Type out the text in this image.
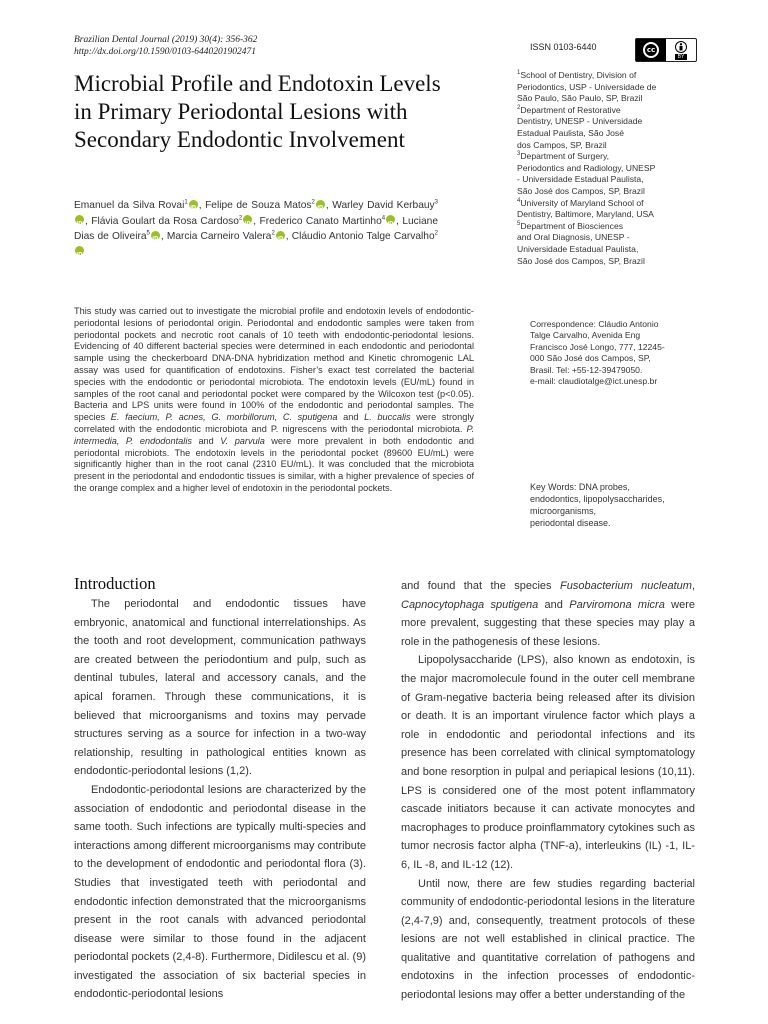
Brazilian Dental Journal (2019) 30(4): 356-362
http://dx.doi.org/10.1590/0103-6440201902471	ISSN 0103-6440	cc
BY
Microbial Profile and Endotoxin Levels
in Primary Periodontal Lesions with
Secondary Endodontic Involvement
$^1$School of Dentistry, Division of
Periodontics, USP - Universidade de
São Paulo, São Paulo, SP, Brazil
$^2$Department of Restorative
Dentistry, UNESP - Universidade
Estadual Paulista, São José
dos Campos, SP, Brazil
$^3$Department of Surgery,
Periodontics and Radiology, UNESP
- Universidade Estadual Paulista,
São José dos Campos, SP, Brazil
$^4$University of Maryland School of
Dentistry, Baltimore, Maryland, USA
$^5$Department of Biosciences
and Oral Diagnosis, UNESP -
Universidade Estadual Paulista,
São José dos Campos, SP, Brazil
Emanuel da Silva Rovai$^1$ iD , Felipe de Souza Matos$^2$ iD , Warley David Kerbauy$^3$iD, Flávia Goulart da Rosa Cardoso$^2$ iD , Frederico Canato Martinho$^4$ iD , Luciane Dias de Oliveira$^5$ iD , Marcia Carneiro Valera$^2$ iD , Cláudio Antonio Talge Carvalho$^2$iD
This study was carried out to investigate the microbial profile and endotoxin levels of endodontic-periodontal lesions of periodontal origin. Periodontal and endodontic samples were taken from periodontal pockets and necrotic root canals of 10 teeth with endodontic-periodontal lesions. Evidencing of 40 different bacterial species were determined in each endodontic and periodontal sample using the checkerboard DNA-DNA hybridization method and Kinetic chromogenic LAL assay was used for quantification of endotoxins. Fisher’s exact test correlated the bacterial species with the endodontic or periodontal microbiota. The endotoxin levels (EU/mL) found in samples of the root canal and periodontal pocket were compared by the Wilcoxon test (p<0.05). Bacteria and LPS units were found in 100% of the endodontic and periodontal samples. The species E. faecium, P. acnes, G. morbillorum, C. sputigena and L. buccalis were strongly correlated with the endodontic microbiota and P. nigrescens with the periodontal microbiota. P. intermedia, P. endodontalis and V. parvula were more prevalent in both endodontic and periodontal microbiots. The endotoxin levels in the periodontal pocket (89600 EU/mL) were significantly higher than in the root canal (2310 EU/mL). It was concluded that the microbiota present in the periodontal and endodontic tissues is similar, with a higher prevalence of species of the orange complex and a higher level of endotoxin in the periodontal pockets.
Correspondence: Cláudio Antonio
Talge Carvalho, Avenida Eng
Francisco José Longo, 777, 12245-
000 São José dos Campos, SP,
Brasil. Tel: +55-12-39479050.
e-mail: claudiotalge@ict.unesp.br
Key Words: DNA probes,
endodontics, lipopolysaccharides,
microorganisms,
periodontal disease.
Introduction

The periodontal and endodontic tissues have embryonic, anatomical and functional interrelationships. As the tooth and root development, communication pathways are created between the periodontium and pulp, such as dentinal tubules, lateral and accessory canals, and the apical foramen. Through these communications, it is believed that microorganisms and toxins may pervade structures serving as a source for infection in a two-way relationship, resulting in pathological entities known as endodontic-periodontal lesions (1,2).

Endodontic-periodontal lesions are characterized by the association of endodontic and periodontal disease in the same tooth. Such infections are typically multi-species and interactions among different microorganisms may contribute to the development of endodontic and periodontal flora (3). Studies that investigated teeth with periodontal and endodontic infection demonstrated that the microorganisms present in the root canals with advanced periodontal disease were similar to those found in the adjacent periodontal pockets (2,4-8). Furthermore, Didilescu et al. (9) investigated the association of six bacterial species in endodontic-periodontal lesions

and found that the species Fusobacterium nucleatum, Capnocytophaga sputigena and Parviromona micra were more prevalent, suggesting that these species may play a role in the pathogenesis of these lesions.

Lipopolysaccharide (LPS), also known as endotoxin, is the major macromolecule found in the outer cell membrane of Gram-negative bacteria being released after its division or death. It is an important virulence factor which plays a role in endodontic and periodontal infections and its presence has been correlated with clinical symptomatology and bone resorption in pulpal and periapical lesions (10,11). LPS is considered one of the most potent inflammatory cascade initiators because it can activate monocytes and macrophages to produce proinflammatory cytokines such as tumor necrosis factor alpha (TNF-a), interleukins (IL) -1, IL-6, IL -8, and IL-12 (12).

Until now, there are few studies regarding bacterial community of endodontic-periodontal lesions in the literature (2,4-7,9) and, consequently, treatment protocols of these lesions are not well established in clinical practice. The qualitative and quantitative correlation of pathogens and endotoxins in the infection processes of endodontic-periodontal lesions may offer a better understanding of the
